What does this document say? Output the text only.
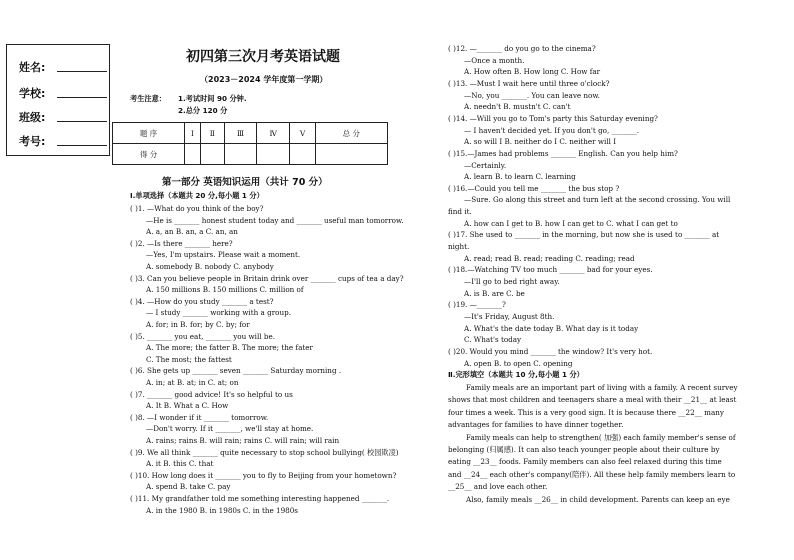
姓名:
学校:
班级:
考号:
初四第三次月考英语试题
（2023－2024 学年度第一学期）
考生注意： 1.考试时间 90 分钟.
2.总分 120 分
题 序	I	Ⅱ	Ⅲ	Ⅳ	V	总 分
得 分						
第一部分 英语知识运用（共计 70 分）
Ⅰ.单项选择（本题共 20 分,每小题 1 分）
( )1. —What do you think of the boy?
—He is _______ honest student today and _______ useful man tomorrow.
A. a, an B. an, a C. an, an
( )2. —Is there _______ here?
—Yes, I'm upstairs. Please wait a moment.
A. somebody B. nobody C. anybody
( )3. Can you believe people in Britain drink over _______ cups of tea a day?
A. 150 millions B. 150 millions C. million of
( )4. —How do you study _______ a test?
— I study _______ working with a group.
A. for; in B. for; by C. by; for
( )5. _______ you eat, _______ you will be.
A. The more; the fatter B. The more; the fater
C. The most; the fattest
( )6. She gets up _______ seven _______ Saturday morning .
A. in; at B. at; in C. at; on
( )7. _______ good advice! It's so helpful to us
A. It B. What a C. How
( )8. —I wonder if it _______ tomorrow.
—Don't worry. If it _______, we'll stay at home.
A. rains; rains B. will rain; rains C. will rain; will rain
( )9. We all think _______ quite necessary to stop school bullying( 校园欺凌)
A. it B. this C. that
( )10. How long does it _______ you to fly to Beijing from your hometown?
A. spend B. take C. pay
( )11. My grandfather told me something interesting happened _______.
A. in the 1980 B. in 1980s C. in the 1980s
( )12. —_______ do you go to the cinema?
—Once a month.
A. How often B. How long C. How far
( )13. —Must I wait here until three o'clock?
—No, you _______. You can leave now.
A. needn't B. mustn't C. can't
( )14. —Will you go to Tom's party this Saturday evening?
— I haven't decided yet. If you don't go, _______.
A. so will I B. neither do I C. neither will I
( )15.—James had problems _______ English. Can you help him?
—Certainly.
A. learn B. to learn C. learning
( )16.—Could you tell me _______ the bus stop ?
—Sure. Go along this street and turn left at the second crossing. You will
find it.
A. how can I get to B. how I can get to C. what I can get to
( )17. She used to _______ in the morning, but now she is used to _______ at
night.
A. read; read B. read; reading C. reading; read
( )18.—Watching TV too much _______ bad for your eyes.
—I'll go to bed right away.
A. is B. are C. be
( )19. —_______?
—It's Friday, August 8th.
A. What's the date today B. What day is it today
C. What's today
( )20. Would you mind _______ the window? It's very hot.
A. open B. to open C. opening
Ⅱ.完形填空（本题共 10 分,每小题 1 分）
Family meals are an important part of living with a family. A recent survey
shows that most children and teenagers share a meal with their __21__ at least
four times a week. This is a very good sign. It is because there __22__ many
advantages for families to have dinner together.
Family meals can help to strengthen( 加强) each family member's sense of
belonging (归属感). It can also teach younger people about their culture by
eating __23__ foods. Family members can also feel relaxed during this time
and __24__ each other's company(陪伴). All these help family members learn to
__25__ and love each other.
Also, family meals __26__ in child development. Parents can keep an eye
